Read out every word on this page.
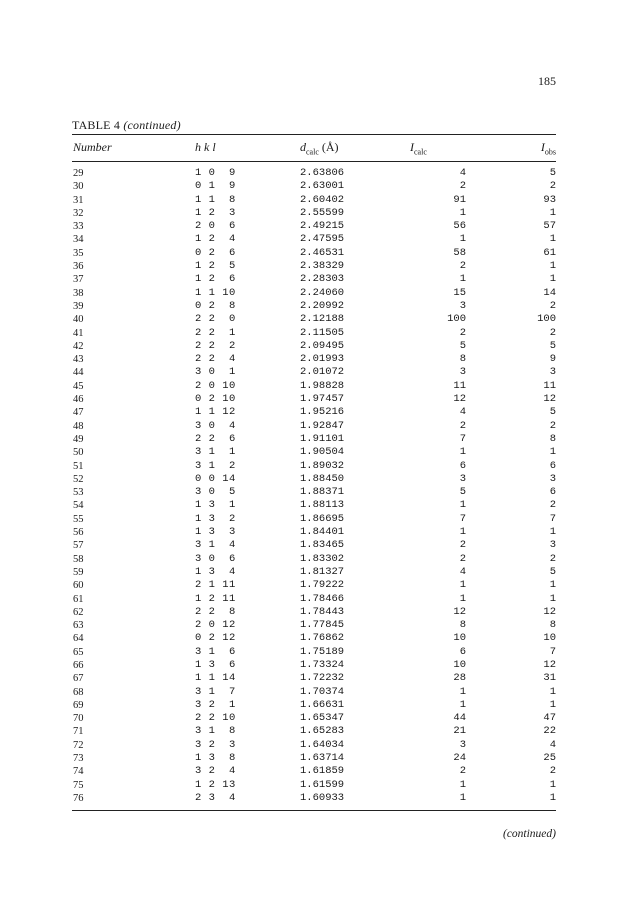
185
TABLE 4 (continued)
Number	h k l	$d_{calc}$ (Å)	$I_{calc}$	$I_{obs}$
29	1 0  9	2.63806	4	5
30	0 1  9	2.63001	2	2
31	1 1  8	2.60402	91	93
32	1 2  3	2.55599	1	1
33	2 0  6	2.49215	56	57
34	1 2  4	2.47595	1	1
35	0 2  6	2.46531	58	61
36	1 2  5	2.38329	2	1
37	1 2  6	2.28303	1	1
38	1 1 10	2.24060	15	14
39	0 2  8	2.20992	3	2
40	2 2  0	2.12188	100	100
41	2 2  1	2.11505	2	2
42	2 2  2	2.09495	5	5
43	2 2  4	2.01993	8	9
44	3 0  1	2.01072	3	3
45	2 0 10	1.98828	11	11
46	0 2 10	1.97457	12	12
47	1 1 12	1.95216	4	5
48	3 0  4	1.92847	2	2
49	2 2  6	1.91101	7	8
50	3 1  1	1.90504	1	1
51	3 1  2	1.89032	6	6
52	0 0 14	1.88450	3	3
53	3 0  5	1.88371	5	6
54	1 3  1	1.88113	1	2
55	1 3  2	1.86695	7	7
56	1 3  3	1.84401	1	1
57	3 1  4	1.83465	2	3
58	3 0  6	1.83302	2	2
59	1 3  4	1.81327	4	5
60	2 1 11	1.79222	1	1
61	1 2 11	1.78466	1	1
62	2 2  8	1.78443	12	12
63	2 0 12	1.77845	8	8
64	0 2 12	1.76862	10	10
65	3 1  6	1.75189	6	7
66	1 3  6	1.73324	10	12
67	1 1 14	1.72232	28	31
68	3 1  7	1.70374	1	1
69	3 2  1	1.66631	1	1
70	2 2 10	1.65347	44	47
71	3 1  8	1.65283	21	22
72	3 2  3	1.64034	3	4
73	1 3  8	1.63714	24	25
74	3 2  4	1.61859	2	2
75	1 2 13	1.61599	1	1
76	2 3  4	1.60933	1	1
(continued)
